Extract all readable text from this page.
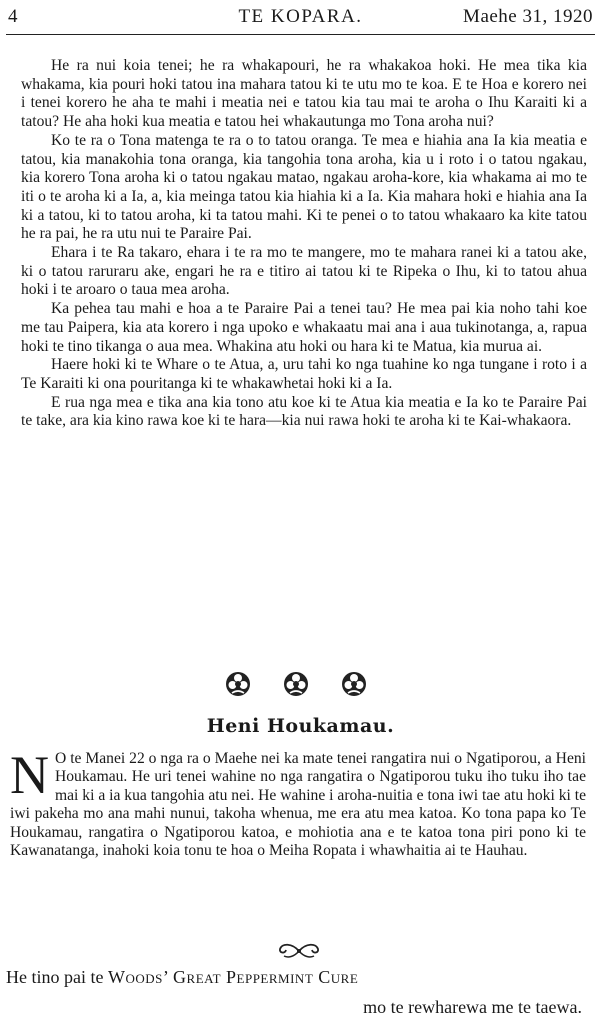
4	TE KOPARA.	Maehe 31, 1920

He ra nui koia tenei; he ra whakapouri, he ra whakakoa hoki. He mea tika kia whakama, kia pouri hoki tatou ina mahara tatou ki te utu mo te koa. E te Hoa e korero nei i tenei korero he aha te mahi i meatia nei e tatou kia tau mai te aroha o Ihu Karaiti ki a tatou? He aha hoki kua meatia e tatou hei whakautunga mo Tona aroha nui?

Ko te ra o Tona matenga te ra o to tatou oranga. Te mea e hiahia ana Ia kia meatia e tatou, kia manakohia tona oranga, kia tangohia tona aroha, kia u i roto i o tatou ngakau, kia korero Tona aroha ki o tatou ngakau matao, ngakau aroha-kore, kia whakama ai mo te iti o te aroha ki a Ia, a, kia meinga tatou kia hiahia ki a Ia. Kia mahara hoki e hiahia ana Ia ki a tatou, ki to tatou aroha, ki ta tatou mahi. Ki te penei o to tatou whakaaro ka kite tatou he ra pai, he ra utu nui te Paraire Pai.

Ehara i te Ra takaro, ehara i te ra mo te mangere, mo te mahara ranei ki a tatou ake, ki o tatou raruraru ake, engari he ra e titiro ai tatou ki te Ripeka o Ihu, ki to tatou ahua hoki i te aroaro o taua mea aroha.

Ka pehea tau mahi e hoa a te Paraire Pai a tenei tau? He mea pai kia noho tahi koe me tau Paipera, kia ata korero i nga upoko e whakaatu mai ana i aua tukinotanga, a, rapua hoki te tino tikanga o aua mea. Whakina atu hoki ou hara ki te Matua, kia murua ai.

Haere hoki ki te Whare o te Atua, a, uru tahi ko nga tuahine ko nga tungane i roto i a Te Karaiti ki ona pouritanga ki te whakawhetai hoki ki a Ia.

E rua nga mea e tika ana kia tono atu koe ki te Atua kia meatia e Ia ko te Paraire Pai te take, ara kia kino rawa koe ki te hara—kia nui rawa hoki te aroha ki te Kai-whakaora.

Heni Houkamau.

N O te Manei 22 o nga ra o Maehe nei ka mate tenei rangatira nui o Ngatiporou, a Heni Houkamau. He uri tenei wahine no nga rangatira o Ngatiporou tuku iho tuku iho tae mai ki a ia kua tangohia atu nei. He wahine i aroha-nuitia e tona iwi tae atu hoki ki te iwi pakeha mo ana mahi nunui, takoha whenua, me era atu mea katoa. Ko tona papa ko Te Houkamau, rangatira o Ngatiporou katoa, e mohiotia ana e te katoa tona piri pono ki te Kawanatanga, inahoki koia tonu te hoa o Meiha Ropata i whawhaitia ai te Hauhau.

He tino pai te Woods’ Great Peppermint Cure
mo te rewharewa me te taewa.
